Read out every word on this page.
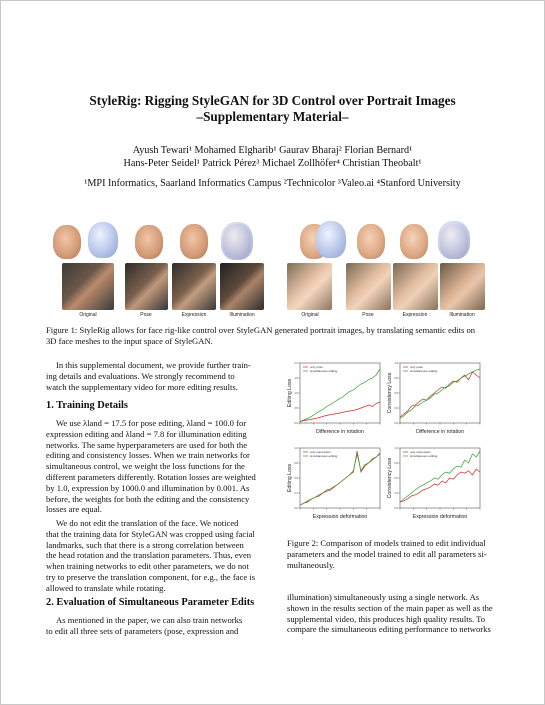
StyleRig: Rigging StyleGAN for 3D Control over Portrait Images
–Supplementary Material–
Ayush Tewari¹ Mohamed Elgharib¹ Gaurav Bharaj² Florian Bernard¹
Hans-Peter Seidel¹ Patrick Pérez³ Michael Zollhöfer⁴ Christian Theobalt¹
¹MPI Informatics, Saarland Informatics Campus ²Technicolor ³Valeo.ai ⁴Stanford University
Original	Pose	Expression	Illumination	Original	Pose	Expression	Illumination
Figure 1: StyleRig allows for face rig-like control over StyleGAN generated portrait images, by translating semantic edits on
3D face meshes to the input space of StyleGAN.
In this supplemental document, we provide further train-
ing details and evaluations. We strongly recommend to
watch the supplementary video for more editing results.
1. Training Details
We use λland = 17.5 for pose editing, λland = 100.0 for
expression editing and λland = 7.8 for illumination editing
networks. The same hyperparameters are used for both the
editing and consistency losses. When we train networks for
simultaneous control, we weight the loss functions for the
different parameters differently. Rotation losses are weighted
by 1.0, expression by 1000.0 and illumination by 0.001. As
before, the weights for both the editing and the consistency
losses are equal.
We do not edit the translation of the face. We noticed
that the training data for StyleGAN was cropped using facial
landmarks, such that there is a strong correlation between
the head rotation and the translation parameters. Thus, even
when training networks to edit other parameters, we do not
try to preserve the translation component, for e.g., the face is
allowed to translate while rotating.
2. Evaluation of Simultaneous Parameter Edits
As mentioned in the paper, we can also train networks
to edit all three sets of parameters (pose, expression and
0.0
0.5
1.0
1.5
2.0
only pose
simultaneous editing
Difference in rotation
Editing Loss
0.0
0.3
0.5
0.8
1.0
only pose
simultaneous editing
Difference in rotation
Consistency Loss
0.0
0.3
0.5
0.8
1.0
only expression
simultaneous editing
Expression deformation
Editing Loss
0.0
0.3
0.5
0.8
1.0
only expression
simultaneous editing
Expression deformation
Consistency Loss
Figure 2: Comparison of models trained to edit individual
parameters and the model trained to edit all parameters si-
multaneously.
illumination) simultaneously using a single network. As
shown in the results section of the main paper as well as the
supplemental video, this produces high quality results. To
compare the simultaneous editing performance to networks
